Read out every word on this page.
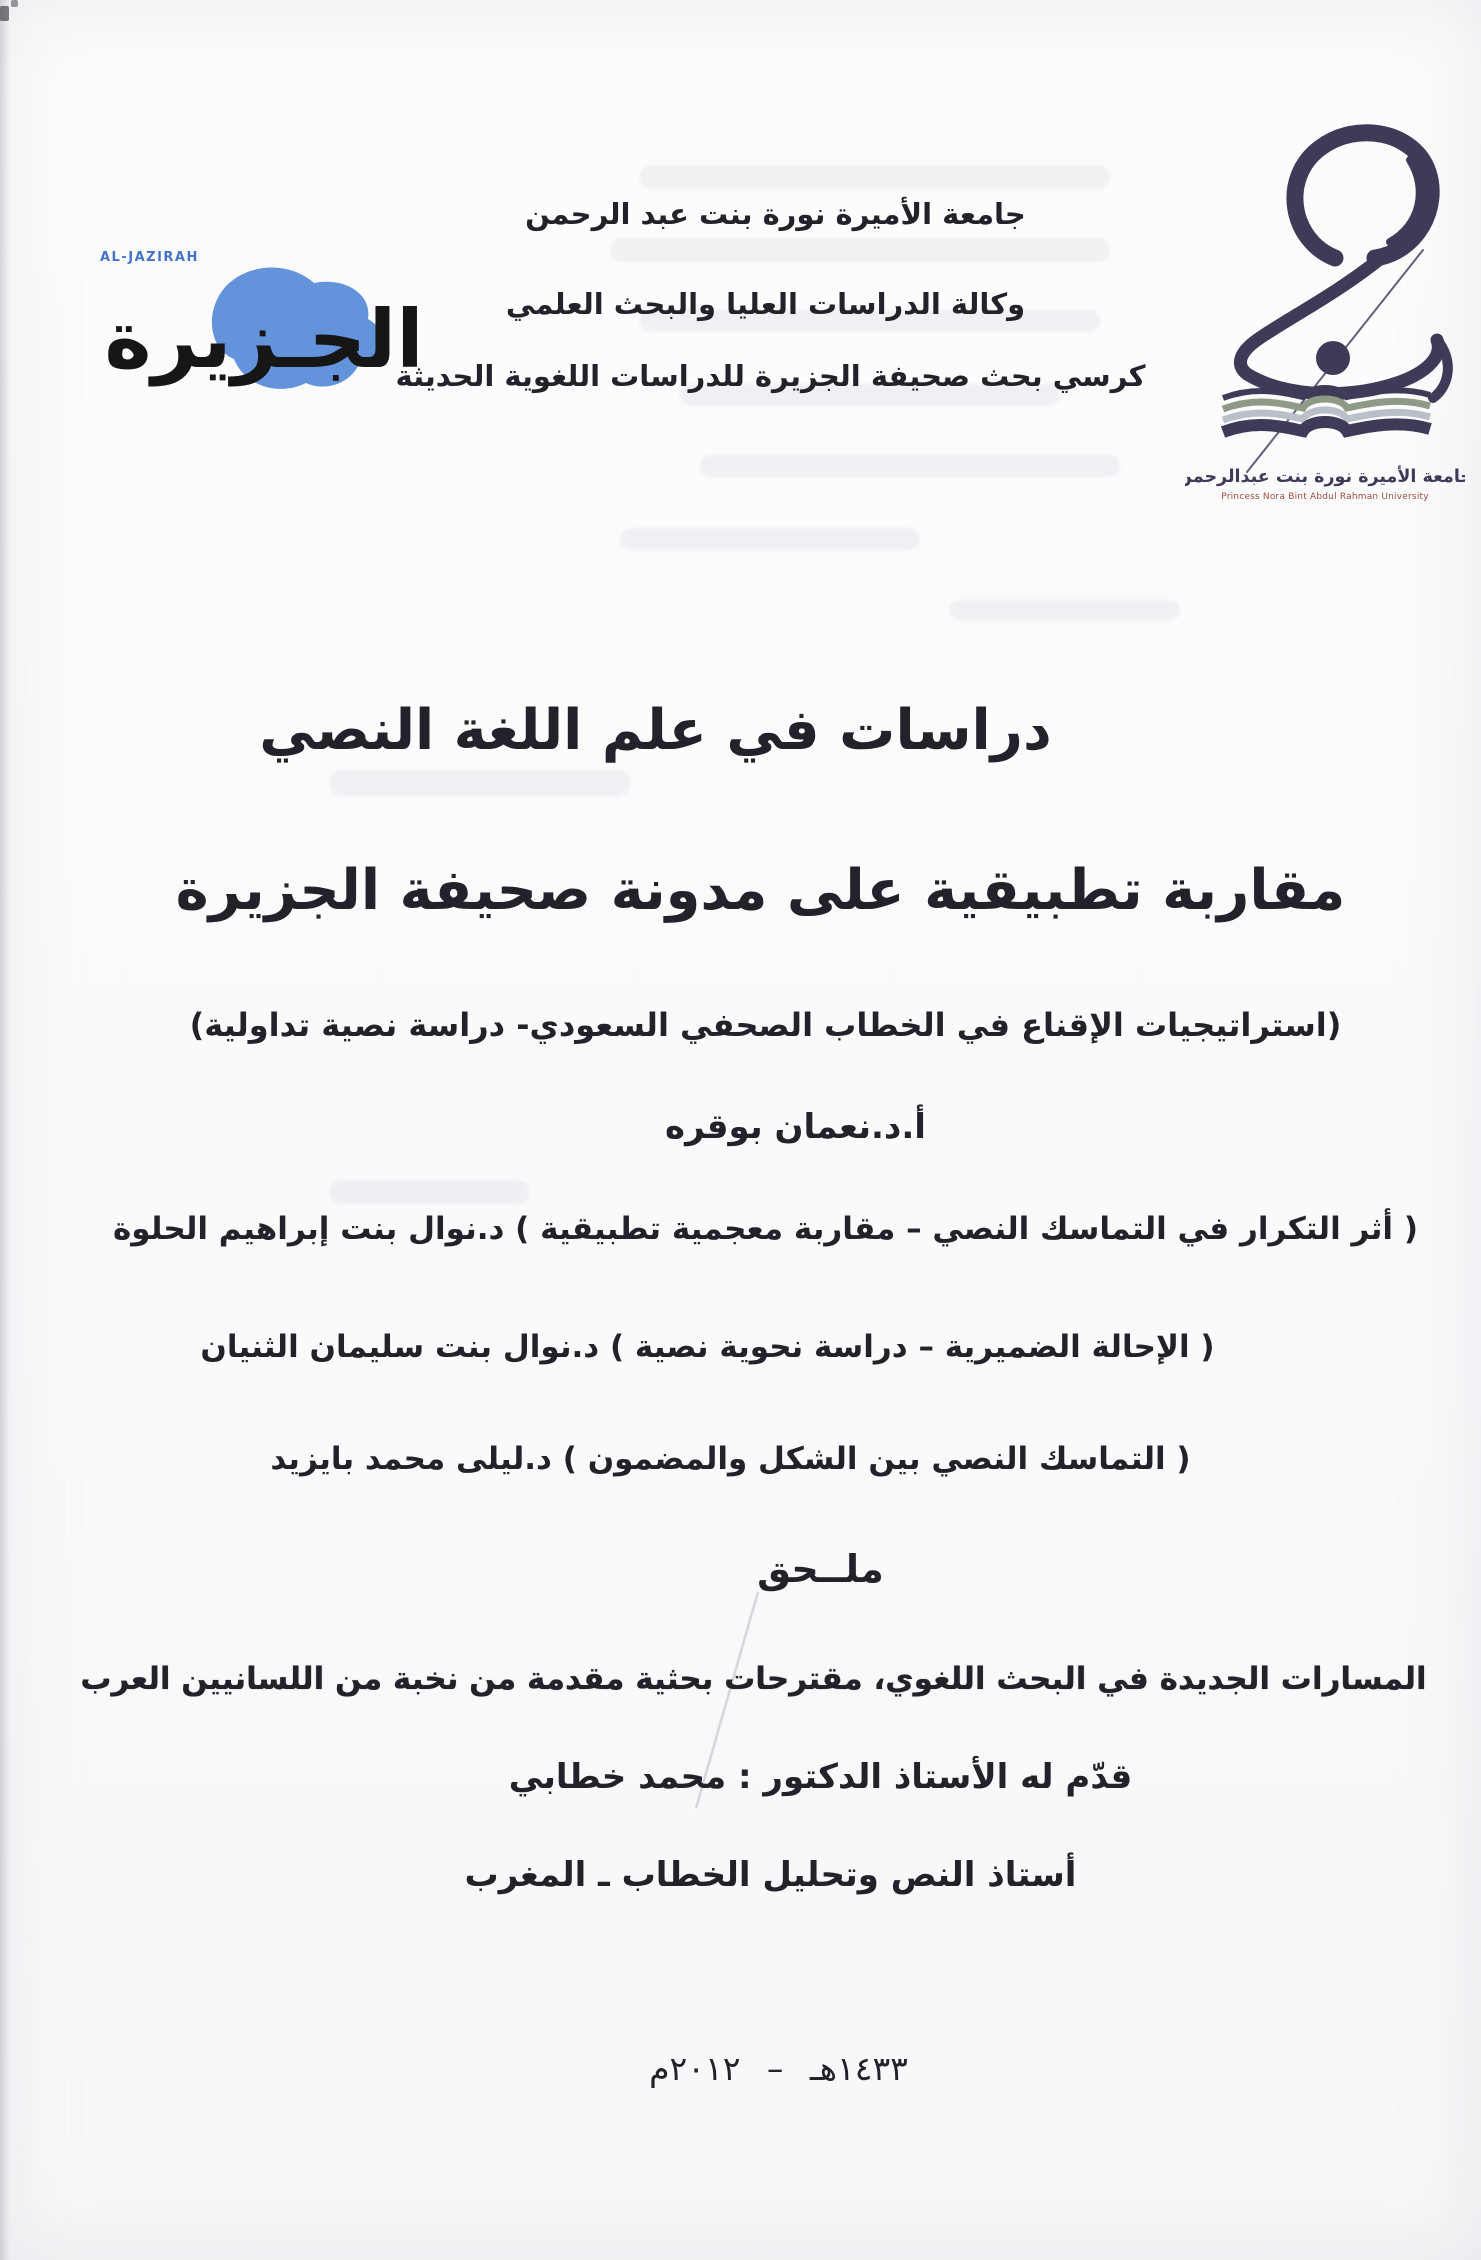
AL-JAZIRAH
الجـزيرة
جامعة الأميرة نورة بنت عبدالرحمن
Princess Nora Bint Abdul Rahman University
جامعة الأميرة نورة بنت عبد الرحمن
وكالة الدراسات العليا والبحث العلمي
كرسي بحث صحيفة الجزيرة للدراسات اللغوية الحديثة
دراسات في علم اللغة النصي
مقاربة تطبيقية على مدونة صحيفة الجزيرة
(استراتيجيات الإقناع في الخطاب الصحفي السعودي- دراسة نصية تداولية)
أ.د.نعمان بوقره
( أثر التكرار في التماسك النصي – مقاربة معجمية تطبيقية ) د.نوال بنت إبراهيم الحلوة
( الإحالة الضميرية – دراسة نحوية نصية ) د.نوال بنت سليمان الثنيان
( التماسك النصي بين الشكل والمضمون ) د.ليلى محمد بايزيد
ملــحق
المسارات الجديدة في البحث اللغوي، مقترحات بحثية مقدمة من نخبة من اللسانيين العرب
قدّم له الأستاذ الدكتور : محمد خطابي
أستاذ النص وتحليل الخطاب ـ المغرب
١٤٣٣هـ – ٢٠١٢م
